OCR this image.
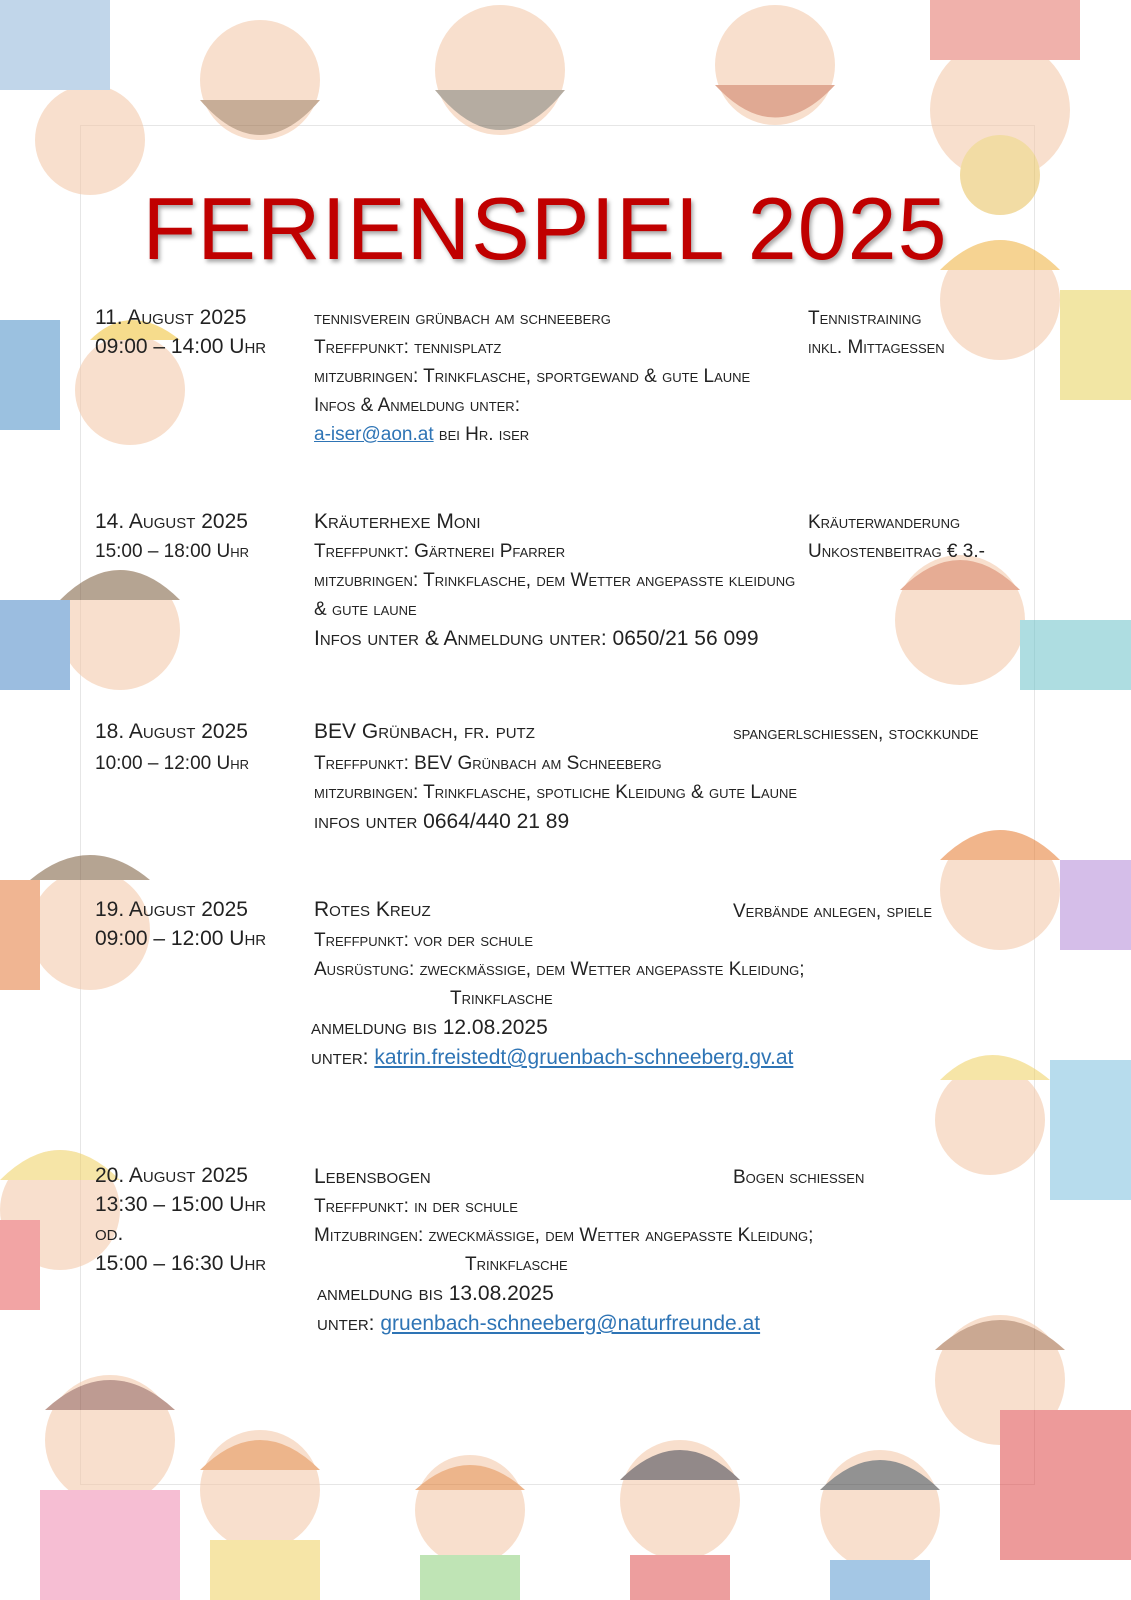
FERIENSPIEL 2025
11. August 2025
09:00 – 14:00 Uhr
tennisverein grünbach am schneeberg	Tennistraining
inkl. Mittagessen
Treffpunkt: tennisplatz
mitzubringen: Trinkflasche, sportgewand & gute Laune
Infos & Anmeldung unter:
a-iser@aon.at bei Hr. iser
14. August 2025
15:00 – 18:00 Uhr
Kräuterhexe Moni	Kräuterwanderung
Unkostenbeitrag € 3.-
Treffpunkt: Gärtnerei Pfarrer
mitzubringen: Trinkflasche, dem Wetter angepasste kleidung
& gute laune
Infos unter & Anmeldung unter: 0650/21 56 099
18. August 2025
10:00 – 12:00 Uhr
BEV Grünbach, fr. putz	spangerlschießen, stockkunde
Treffpunkt: BEV Grünbach am Schneeberg
mitzurbingen: Trinkflasche, spotliche Kleidung & gute Laune
infos unter 0664/440 21 89
19. August 2025
09:00 – 12:00 Uhr
Rotes Kreuz	Verbände anlegen, spiele
Treffpunkt: vor der schule
Ausrüstung: zweckmäßige, dem Wetter angepasste Kleidung;
Trinkflasche
anmeldung bis 12.08.2025
unter: katrin.freistedt@gruenbach-schneeberg.gv.at
20. August 2025
13:30 – 15:00 Uhr
od.
15:00 – 16:30 Uhr
Lebensbogen	Bogen schießen
Treffpunkt: in der schule
Mitzubringen: zweckmäßige, dem Wetter angepasste Kleidung;
Trinkflasche
anmeldung bis 13.08.2025
unter: gruenbach-schneeberg@naturfreunde.at
